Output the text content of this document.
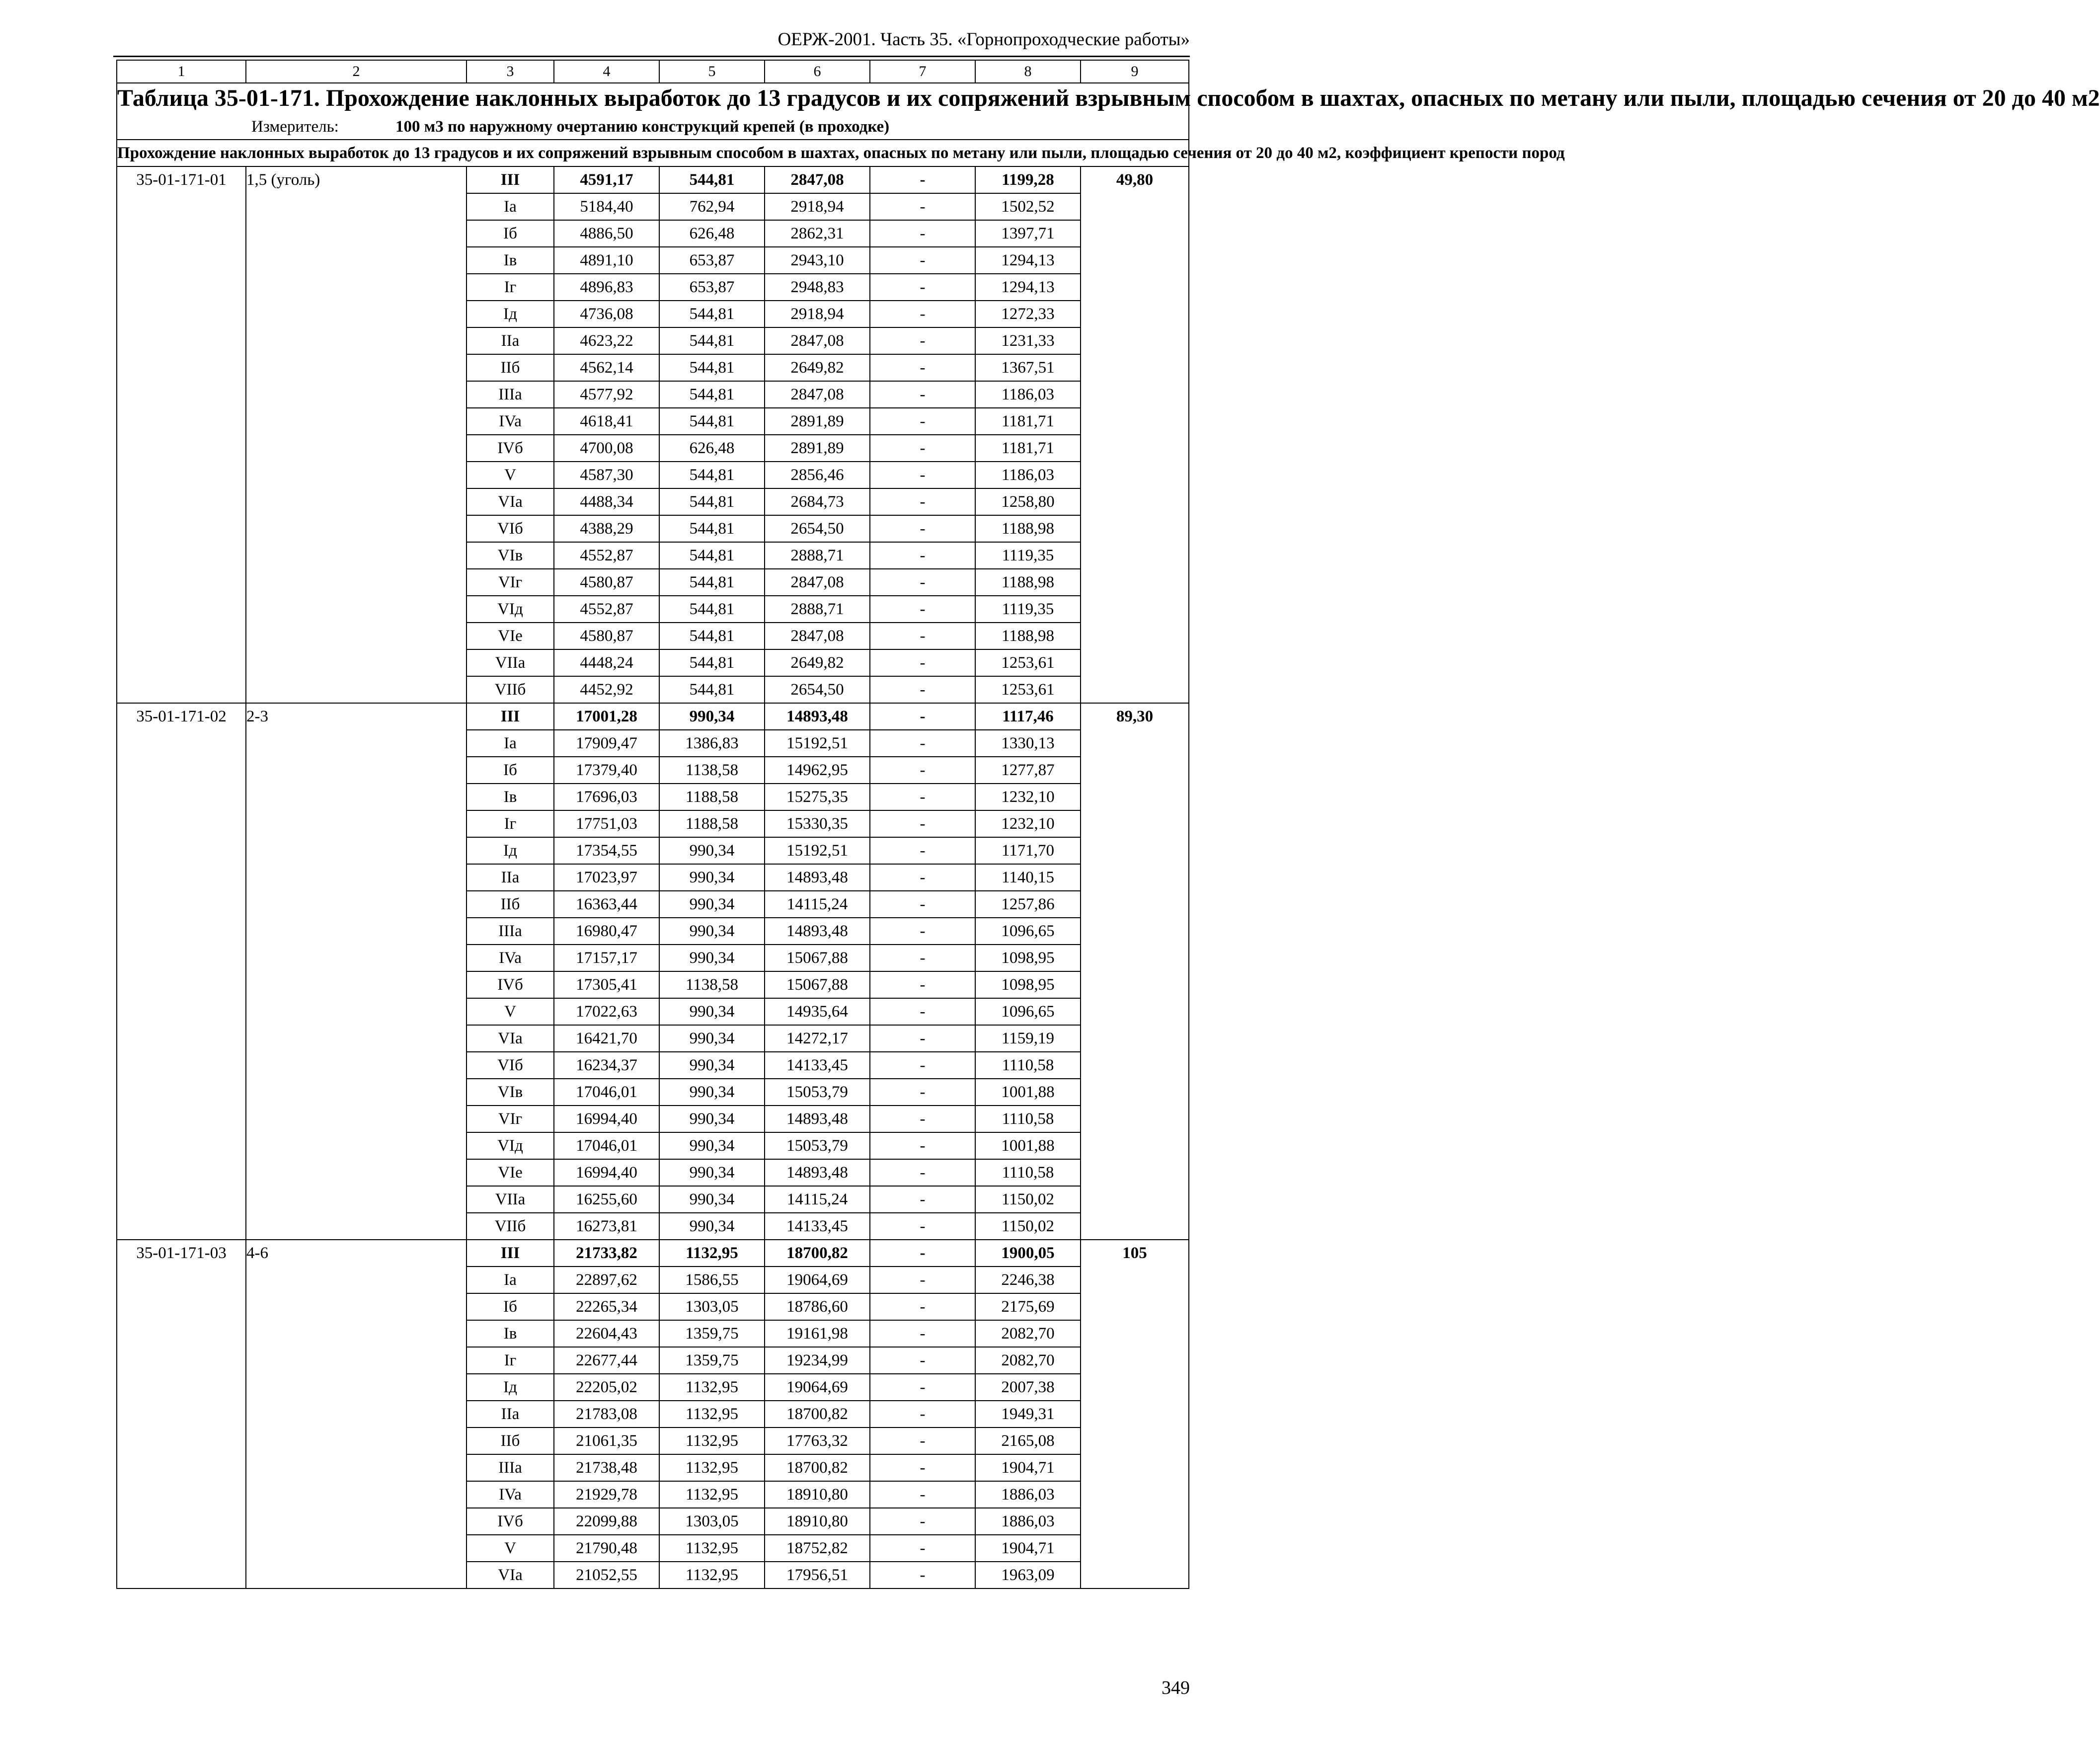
ОЕРЖ-2001. Часть 35. «Горнопроходческие работы»
1	2	3	4	5	6	7	8	9

Таблица 35-01-171. Прохождение наклонных выработок до 13 градусов и их сопряжений взрывным способом в шахтах, опасных по метану или пыли, площадью сечения от 20 до 40 м2
Измеритель: 100 м3 по наружному очертанию конструкций крепей (в проходке)								

Прохождение наклонных выработок до 13 градусов и их сопряжений взрывным способом в шахтах, опасных по метану или пыли, площадью сечения от 20 до 40 м2, коэффициент крепости пород								
35-01-171-01	1,5 (уголь)	III	4591,17	544,81	2847,08	-	1199,28	49,80
		Ia	5184,40	762,94	2918,94	-	1502,52	
		Iб	4886,50	626,48	2862,31	-	1397,71	
		Iв	4891,10	653,87	2943,10	-	1294,13	
		Iг	4896,83	653,87	2948,83	-	1294,13	
		Iд	4736,08	544,81	2918,94	-	1272,33	
		IIa	4623,22	544,81	2847,08	-	1231,33	
		IIб	4562,14	544,81	2649,82	-	1367,51	
		IIIa	4577,92	544,81	2847,08	-	1186,03	
		IVa	4618,41	544,81	2891,89	-	1181,71	
		IVб	4700,08	626,48	2891,89	-	1181,71	
		V	4587,30	544,81	2856,46	-	1186,03	
		VIa	4488,34	544,81	2684,73	-	1258,80	
		VIб	4388,29	544,81	2654,50	-	1188,98	
		VIв	4552,87	544,81	2888,71	-	1119,35	
		VIг	4580,87	544,81	2847,08	-	1188,98	
		VIд	4552,87	544,81	2888,71	-	1119,35	
		VIe	4580,87	544,81	2847,08	-	1188,98	
		VIIa	4448,24	544,81	2649,82	-	1253,61	
		VIIб	4452,92	544,81	2654,50	-	1253,61	
35-01-171-02	2-3	III	17001,28	990,34	14893,48	-	1117,46	89,30
		Ia	17909,47	1386,83	15192,51	-	1330,13	
		Iб	17379,40	1138,58	14962,95	-	1277,87	
		Iв	17696,03	1188,58	15275,35	-	1232,10	
		Iг	17751,03	1188,58	15330,35	-	1232,10	
		Iд	17354,55	990,34	15192,51	-	1171,70	
		IIa	17023,97	990,34	14893,48	-	1140,15	
		IIб	16363,44	990,34	14115,24	-	1257,86	
		IIIa	16980,47	990,34	14893,48	-	1096,65	
		IVa	17157,17	990,34	15067,88	-	1098,95	
		IVб	17305,41	1138,58	15067,88	-	1098,95	
		V	17022,63	990,34	14935,64	-	1096,65	
		VIa	16421,70	990,34	14272,17	-	1159,19	
		VIб	16234,37	990,34	14133,45	-	1110,58	
		VIв	17046,01	990,34	15053,79	-	1001,88	
		VIг	16994,40	990,34	14893,48	-	1110,58	
		VIд	17046,01	990,34	15053,79	-	1001,88	
		VIe	16994,40	990,34	14893,48	-	1110,58	
		VIIa	16255,60	990,34	14115,24	-	1150,02	
		VIIб	16273,81	990,34	14133,45	-	1150,02	
35-01-171-03	4-6	III	21733,82	1132,95	18700,82	-	1900,05	105
		Ia	22897,62	1586,55	19064,69	-	2246,38	
		Iб	22265,34	1303,05	18786,60	-	2175,69	
		Iв	22604,43	1359,75	19161,98	-	2082,70	
		Iг	22677,44	1359,75	19234,99	-	2082,70	
		Iд	22205,02	1132,95	19064,69	-	2007,38	
		IIa	21783,08	1132,95	18700,82	-	1949,31	
		IIб	21061,35	1132,95	17763,32	-	2165,08	
		IIIa	21738,48	1132,95	18700,82	-	1904,71	
		IVa	21929,78	1132,95	18910,80	-	1886,03	
		IVб	22099,88	1303,05	18910,80	-	1886,03	
		V	21790,48	1132,95	18752,82	-	1904,71	
		VIa	21052,55	1132,95	17956,51	-	1963,09	
349
